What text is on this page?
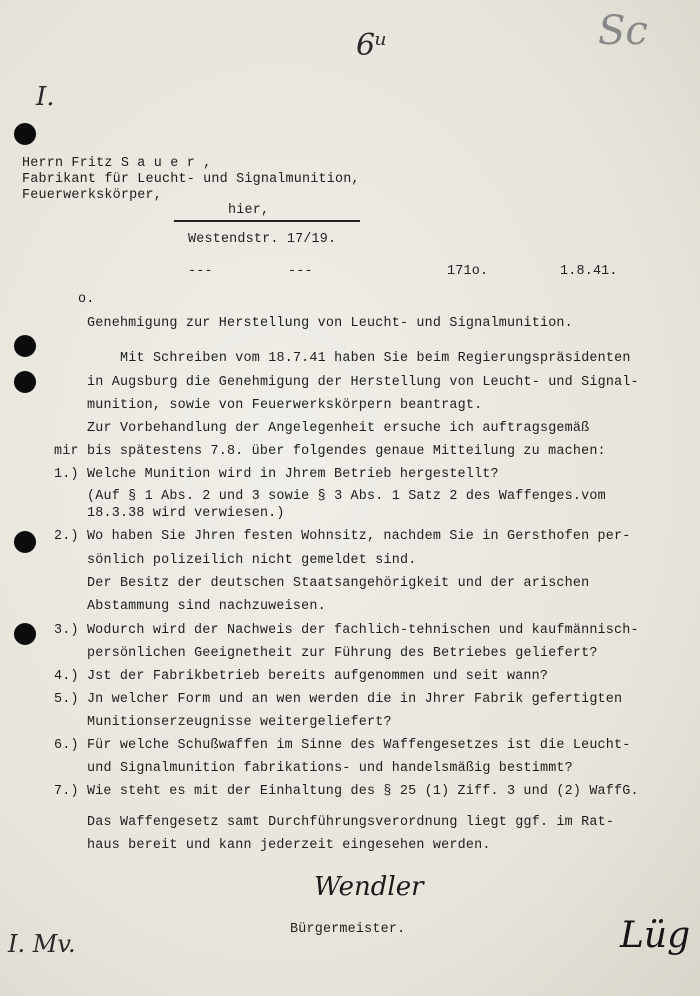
I.
6ᵘ	Sc
Herrn Fritz S a u e r ,
Fabrikant für Leucht- und Signalmunition,
Feuerwerkskörper,
hier,
Westendstr. 17/19.
---	---	171o.	1.8.41.
o.
Genehmigung zur Herstellung von Leucht- und Signalmunition.
Mit Schreiben vom 18.7.41 haben Sie beim Regierungspräsidenten
in Augsburg die Genehmigung der Herstellung von Leucht- und Signal-
munition, sowie von Feuerwerkskörpern beantragt.
Zur Vorbehandlung der Angelegenheit ersuche ich auftragsgemäß
mir bis spätestens 7.8. über folgendes genaue Mitteilung zu machen:
1.) Welche Munition wird in Jhrem Betrieb hergestellt?
(Auf § 1 Abs. 2 und 3 sowie § 3 Abs. 1 Satz 2 des Waffenges.vom
18.3.38 wird verwiesen.)
2.) Wo haben Sie Jhren festen Wohnsitz, nachdem Sie in Gersthofen per-
sönlich polizeilich nicht gemeldet sind.
Der Besitz der deutschen Staatsangehörigkeit und der arischen
Abstammung sind nachzuweisen.
3.) Wodurch wird der Nachweis der fachlich-tehnischen und kaufmännisch-
persönlichen Geeignetheit zur Führung des Betriebes geliefert?
4.) Jst der Fabrikbetrieb bereits aufgenommen und seit wann?
5.) Jn welcher Form und an wen werden die in Jhrer Fabrik gefertigten
Munitionserzeugnisse weitergeliefert?
6.) Für welche Schußwaffen im Sinne des Waffengesetzes ist die Leucht-
und Signalmunition fabrikations- und handelsmäßig bestimmt?
7.) Wie steht es mit der Einhaltung des § 25 (1) Ziff. 3 und (2) WaffG.
Das Waffengesetz samt Durchführungsverordnung liegt ggf. im Rat-
haus bereit und kann jederzeit eingesehen werden.
Wendler
Bürgermeister.
I. Mv.	Lüg
